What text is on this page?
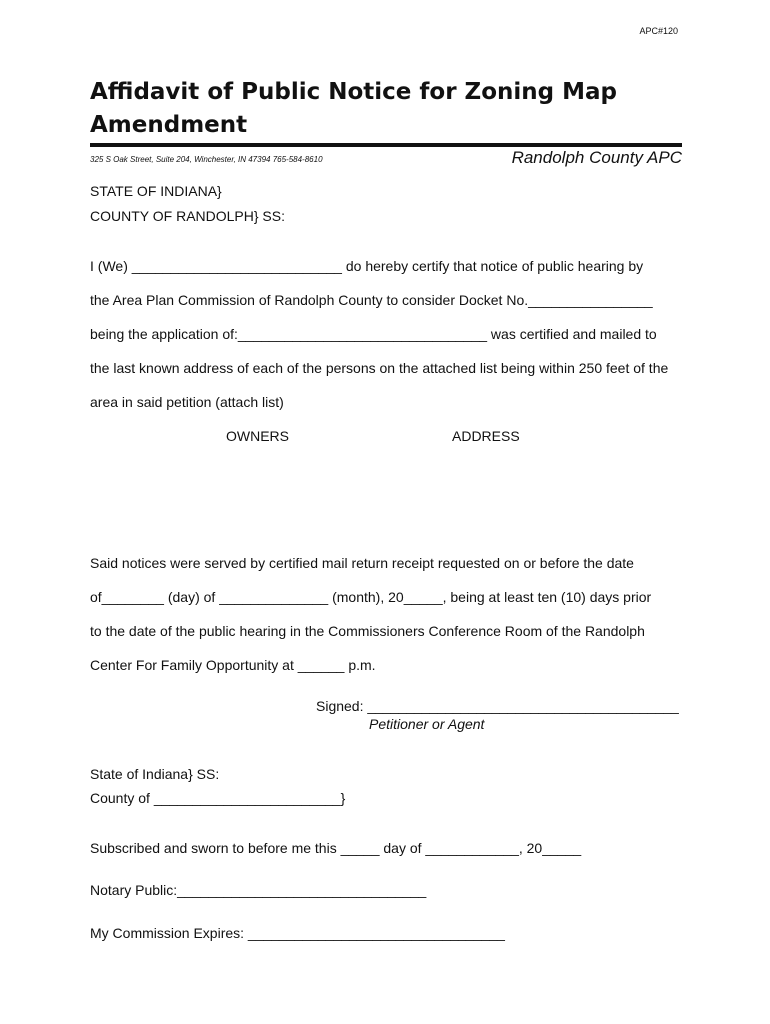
APC#120
Affidavit of Public Notice for Zoning Map Amendment
325 S Oak Street, Suite 204, Winchester, IN 47394 765-584-8610	Randolph County APC
STATE OF INDIANA}
COUNTY OF RANDOLPH} SS:
I (We) ___________________________ do hereby certify that notice of public hearing by
the Area Plan Commission of Randolph County to consider Docket No.________________
being the application of:________________________________ was certified and mailed to
the last known address of each of the persons on the attached list being within 250 feet of the
area in said petition (attach list)
OWNERS	ADDRESS
Said notices were served by certified mail return receipt requested on or before the date
of________ (day) of ______________ (month), 20_____, being at least ten (10) days prior
to the date of the public hearing in the Commissioners Conference Room of the Randolph
Center For Family Opportunity at ______ p.m.
Signed: ________________________________________
Petitioner or Agent
State of Indiana} SS:
County of ________________________}
Subscribed and sworn to before me this _____ day of ____________, 20_____
Notary Public:________________________________
My Commission Expires: _________________________________
